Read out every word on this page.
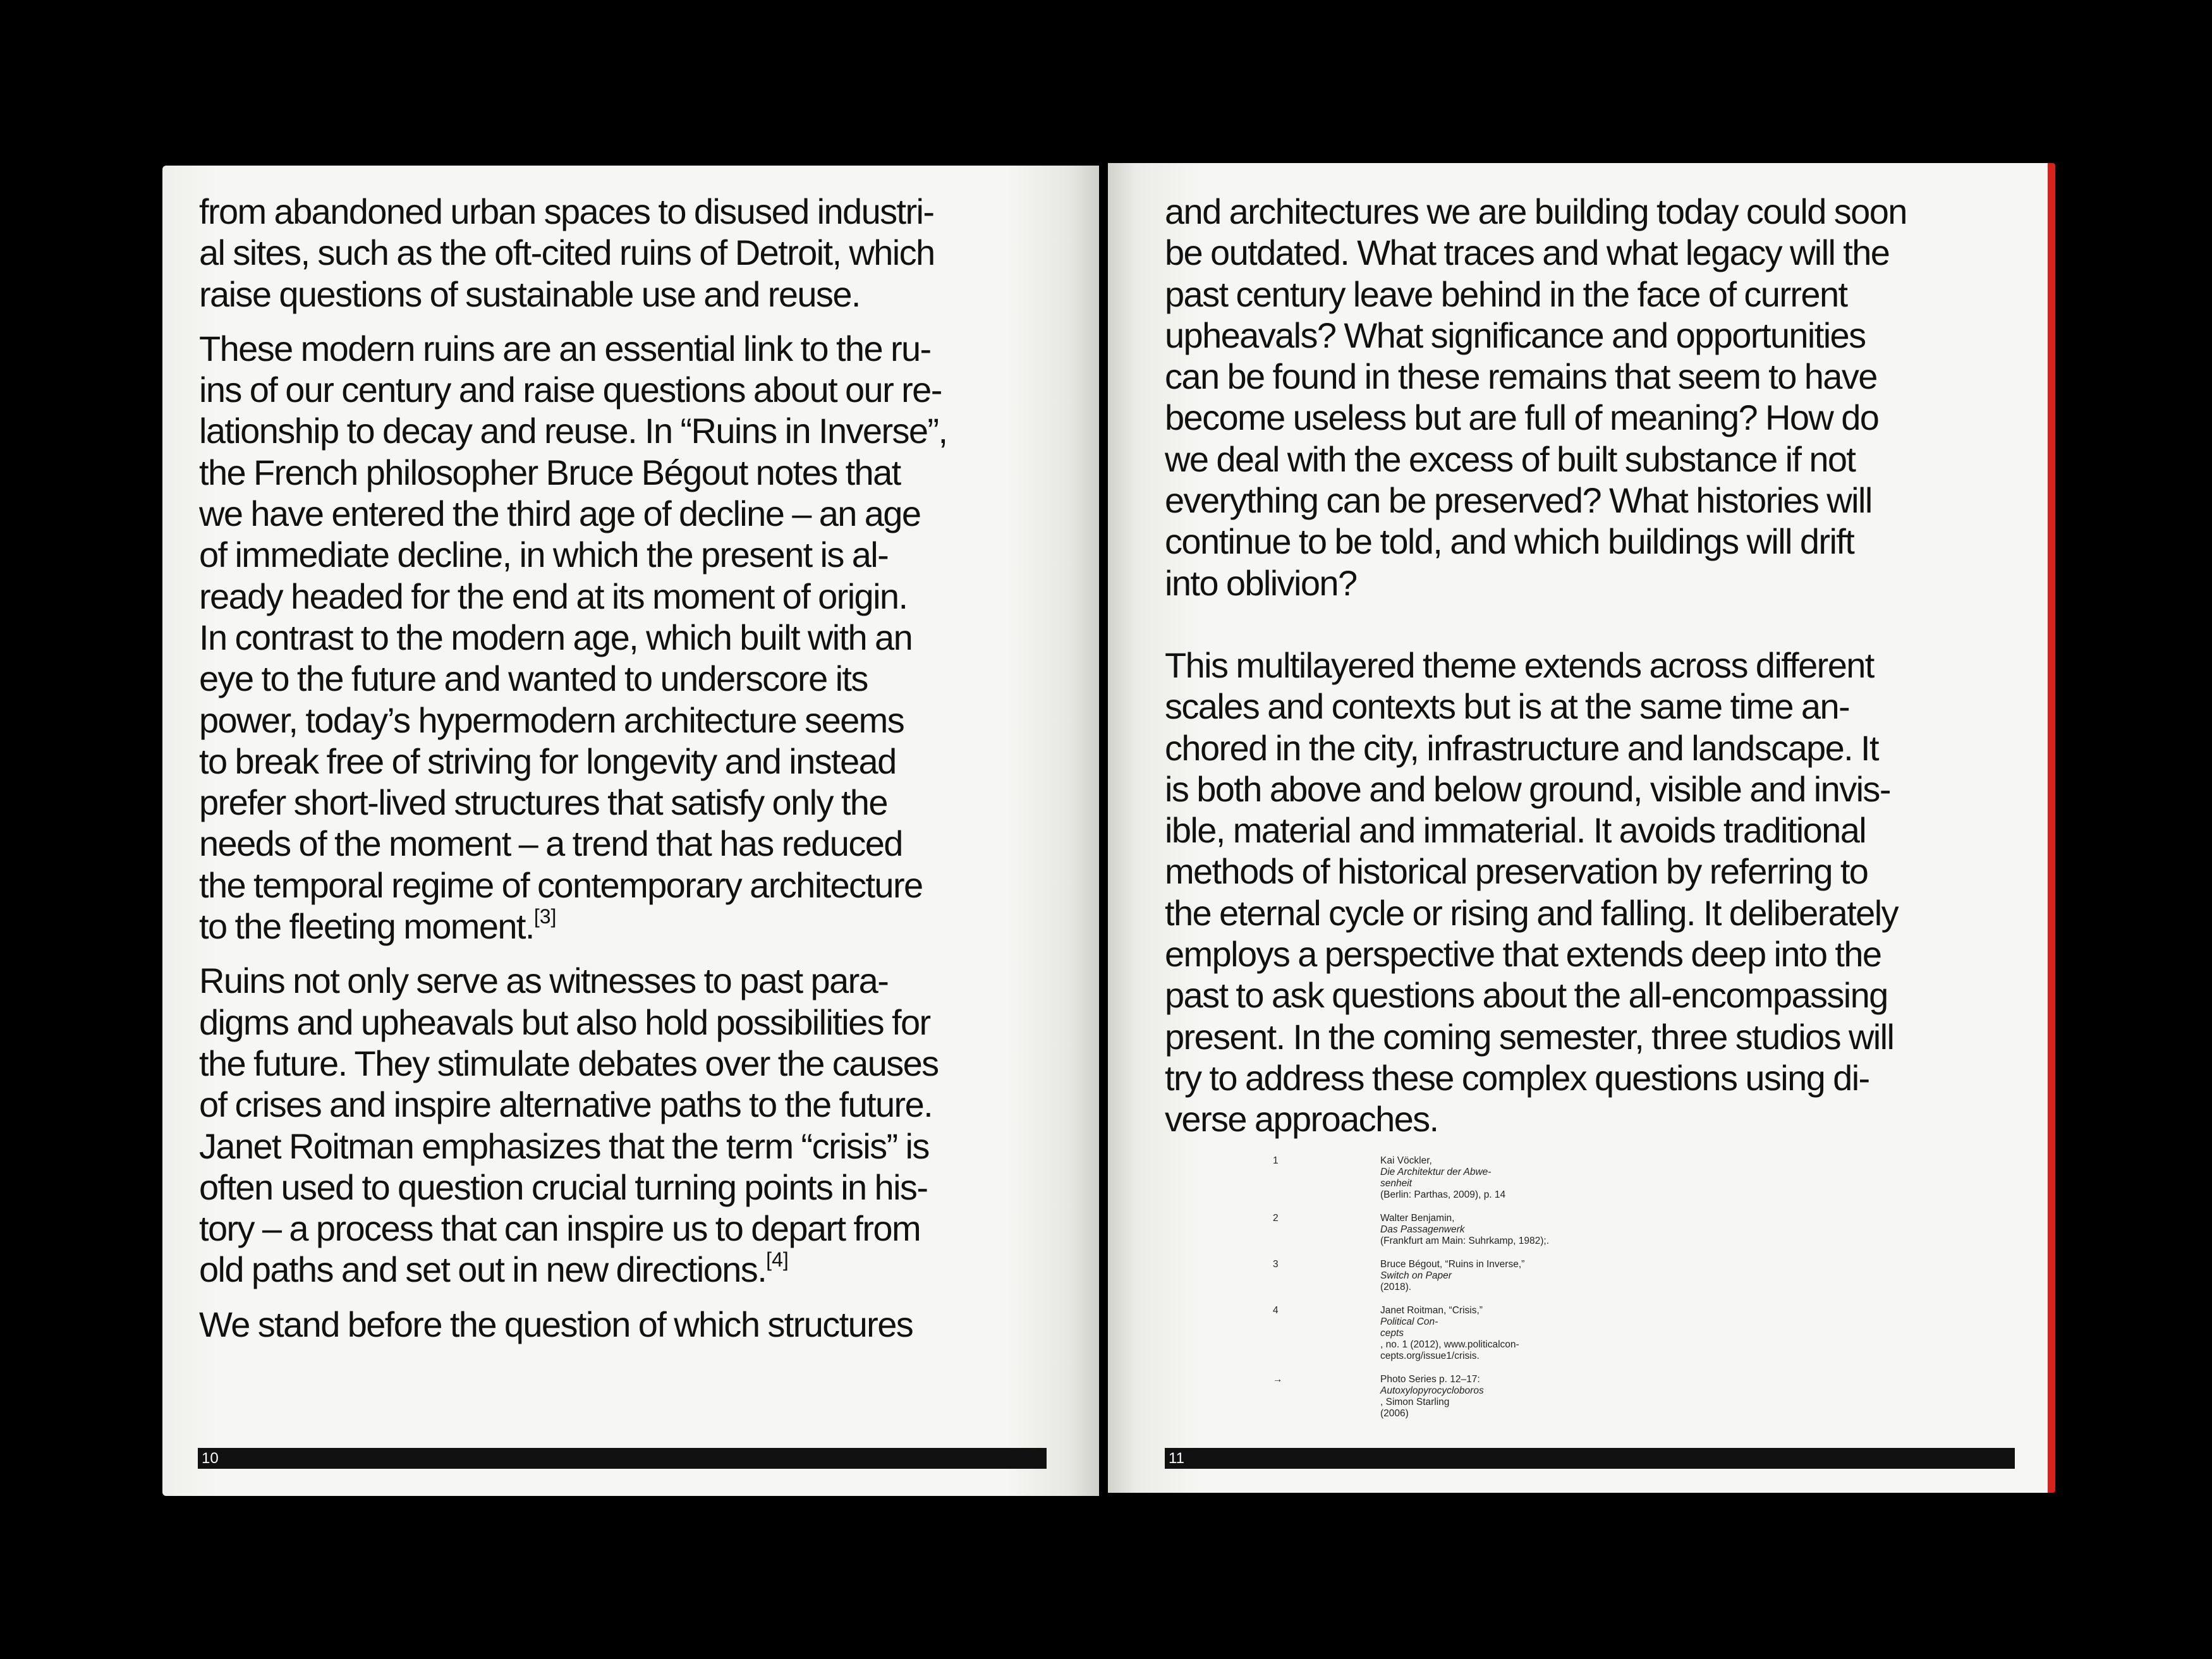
from abandoned urban spaces to disused industri-
al sites, such as the oft-cited ruins of Detroit, which
raise questions of sustainable use and reuse.
These modern ruins are an essential link to the ru-
ins of our century and raise questions about our re-
lationship to decay and reuse. In “Ruins in Inverse”,
the French philosopher Bruce Bégout notes that
we have entered the third age of decline – an age
of immediate decline, in which the present is al-
ready headed for the end at its moment of origin.
In contrast to the modern age, which built with an
eye to the future and wanted to underscore its
power, today’s hypermodern architecture seems
to break free of striving for longevity and instead
prefer short-lived structures that satisfy only the
needs of the moment – a trend that has reduced
the temporal regime of contemporary architecture
to the fleeting moment.[3]
Ruins not only serve as witnesses to past para-
digms and upheavals but also hold possibilities for
the future. They stimulate debates over the causes
of crises and inspire alternative paths to the future.
Janet Roitman emphasizes that the term “crisis” is
often used to question crucial turning points in his-
tory – a process that can inspire us to depart from
old paths and set out in new directions.[4]
We stand before the question of which structures
10
and architectures we are building today could soon
be outdated. What traces and what legacy will the
past century leave behind in the face of current
upheavals? What significance and opportunities
can be found in these remains that seem to have
become useless but are full of meaning? How do
we deal with the excess of built substance if not
everything can be preserved? What histories will
continue to be told, and which buildings will drift
into oblivion?
This multilayered theme extends across different
scales and contexts but is at the same time an-
chored in the city, infrastructure and landscape. It
is both above and below ground, visible and invis-
ible, material and immaterial. It avoids traditional
methods of historical preservation by referring to
the eternal cycle or rising and falling. It deliberately
employs a perspective that extends deep into the
past to ask questions about the all-encompassing
present. In the coming semester, three studios will
try to address these complex questions using di-
verse approaches.
1	Kai Vöckler,
Die Architektur der Abwe-
senheit
(Berlin: Parthas, 2009), p. 14
2	Walter Benjamin,
Das Passagenwerk
(Frankfurt am Main: Suhrkamp, 1982);.
3	Bruce Bégout, “Ruins in Inverse,”
Switch on Paper
(2018).
4	Janet Roitman, “Crisis,”
Political Con-
cepts
, no. 1 (2012), www.politicalcon-
cepts.org/issue1/crisis.
→	Photo Series p. 12–17:
Autoxylopyrocycloboros
, Simon Starling
(2006)
11
